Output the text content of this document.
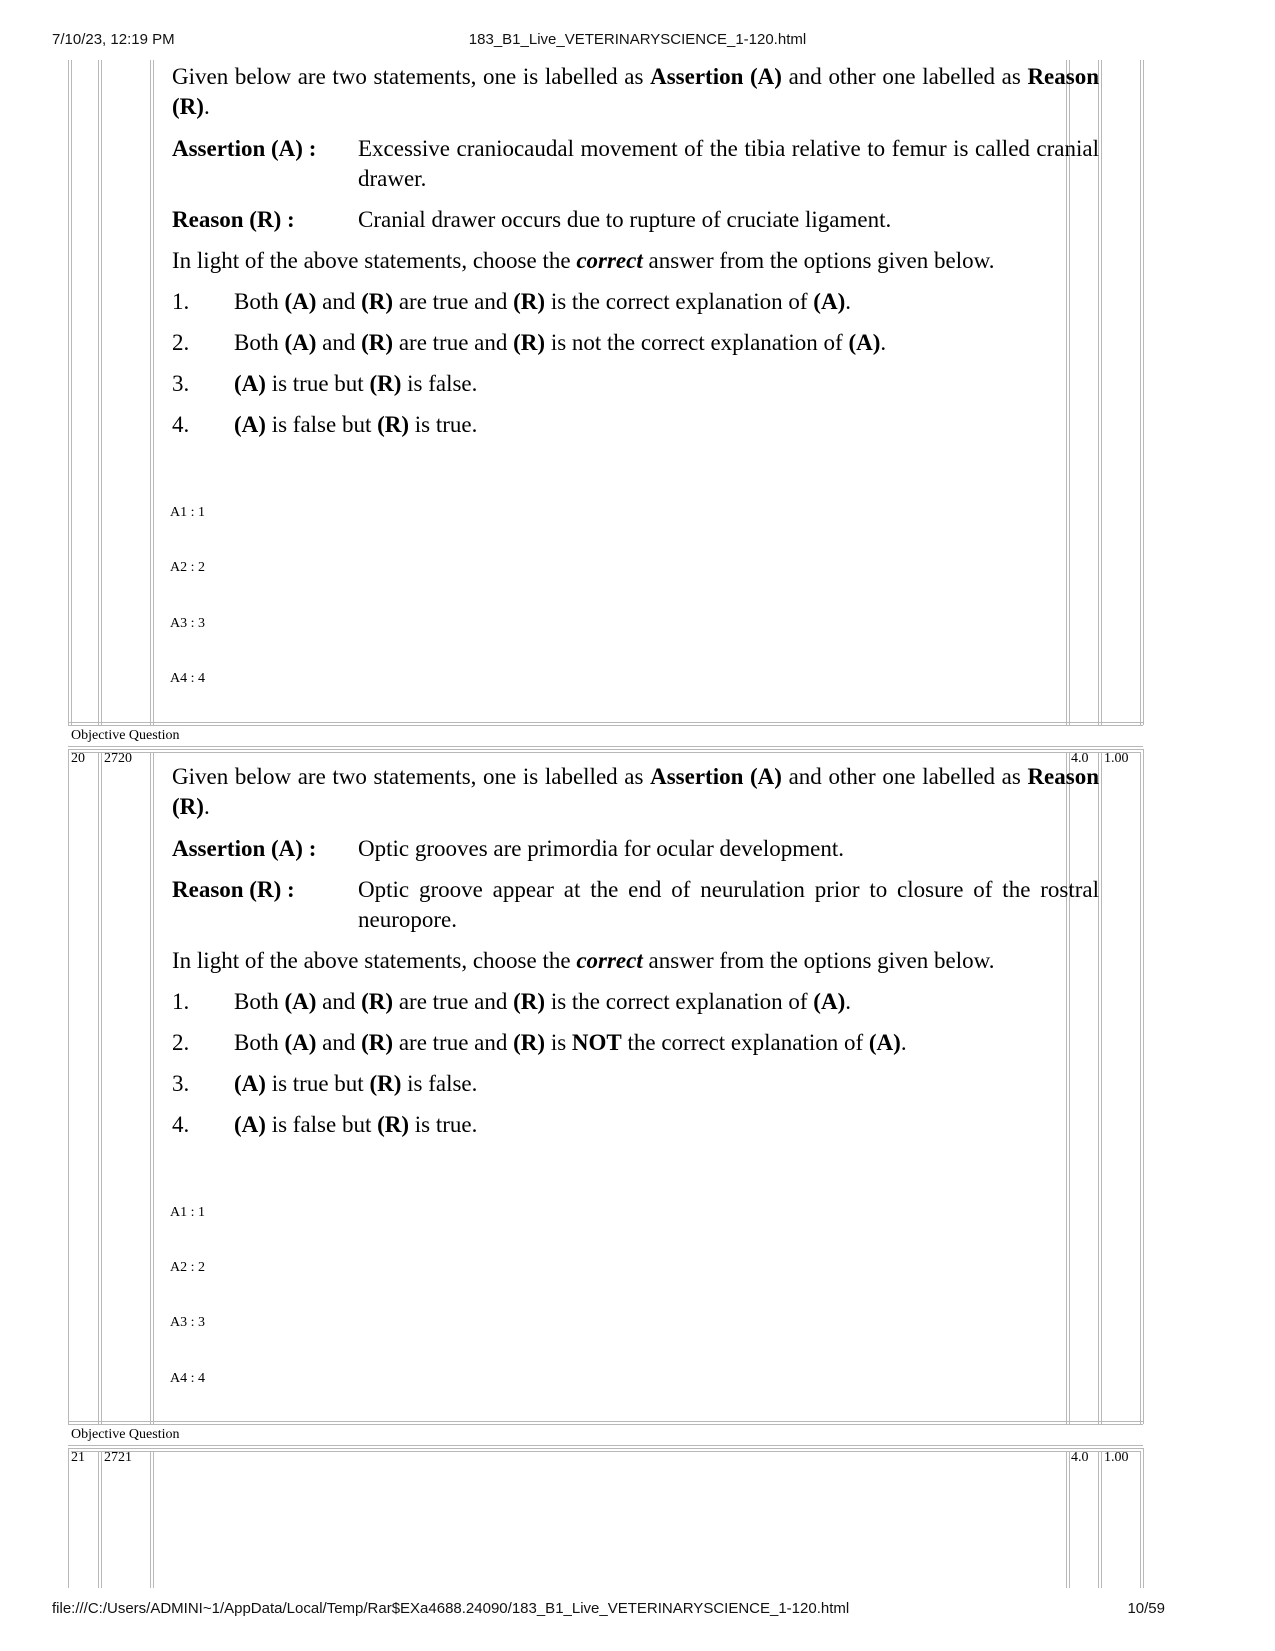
7/10/23, 12:19 PM	183_B1_Live_VETERINARYSCIENCE_1-120.html
file:///C:/Users/ADMINI~1/AppData/Local/Temp/Rar$EXa4688.24090/183_B1_Live_VETERINARYSCIENCE_1-120.html	10/59

Given below are two statements, one is labelled as Assertion (A) and other one labelled as Reason (R).

Assertion (A) :	Excessive craniocaudal movement of the tibia relative to femur is called cranial drawer.
Reason (R) :	Cranial drawer occurs due to rupture of cruciate ligament.

In light of the above statements, choose the correct answer from the options given below.

1.	Both (A) and (R) are true and (R) is the correct explanation of (A).
2.	Both (A) and (R) are true and (R) is not the correct explanation of (A).
3.	(A) is true but (R) is false.
4.	(A) is false but (R) is true.
A1 : 1
A2 : 2
A3 : 3
A4 : 4
Objective Question
20 2720	4.0 1.00

Given below are two statements, one is labelled as Assertion (A) and other one labelled as Reason (R).

Assertion (A) :	Optic grooves are primordia for ocular development.
Reason (R) :	Optic groove appear at the end of neurulation prior to closure of the rostral neuropore.

In light of the above statements, choose the correct answer from the options given below.

1.	Both (A) and (R) are true and (R) is the correct explanation of (A).
2.	Both (A) and (R) are true and (R) is NOT the correct explanation of (A).
3.	(A) is true but (R) is false.
4.	(A) is false but (R) is true.
A1 : 1
A2 : 2
A3 : 3
A4 : 4
Objective Question
21 2721	4.0 1.00
